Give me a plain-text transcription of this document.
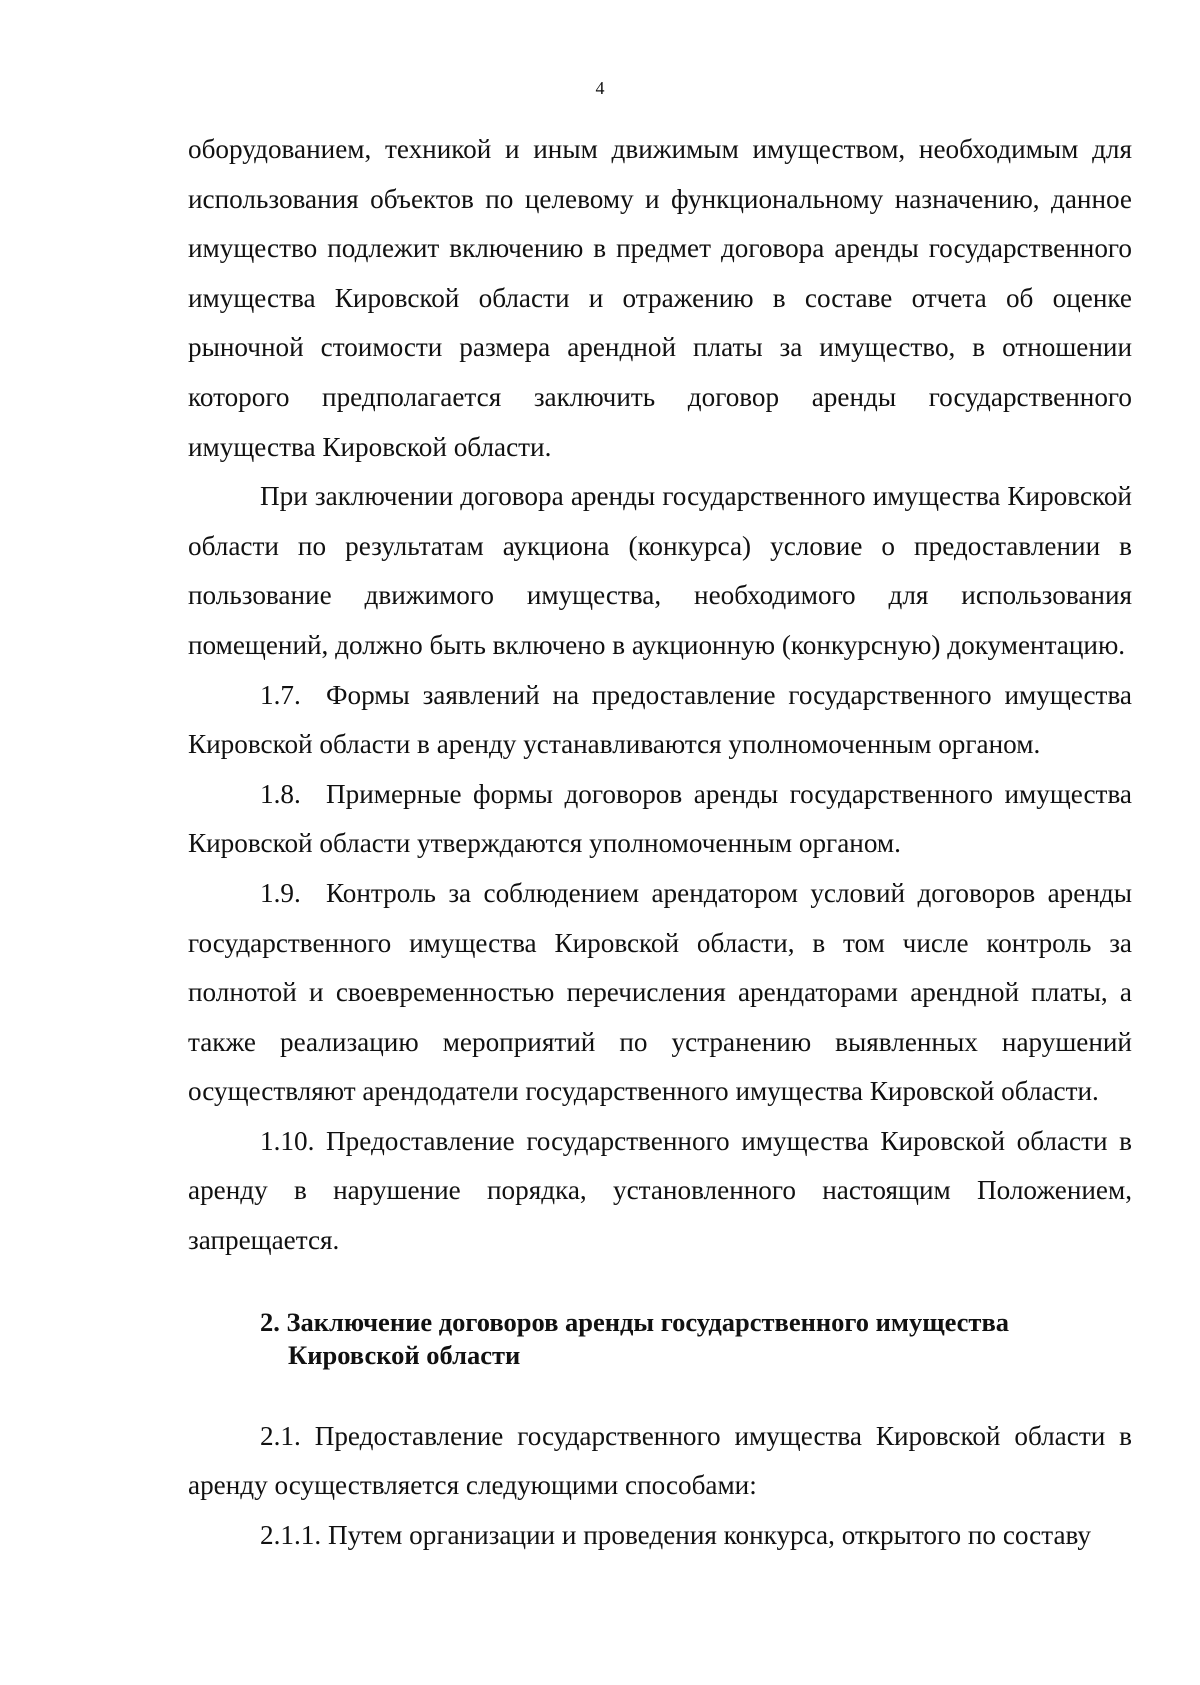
4

оборудованием, техникой и иным движимым имуществом, необходимым для использования объектов по целевому и функциональному назначению, данное имущество подлежит включению в предмет договора аренды государственного имущества Кировской области и отражению в составе отчета об оценке рыночной стоимости размера арендной платы за имущество, в отношении которого предполагается заключить договор аренды государственного имущества Кировской области.

При заключении договора аренды государственного имущества Кировской области по результатам аукциона (конкурса) условие о предоставлении в пользование движимого имущества, необходимого для использования помещений, должно быть включено в аукционную (конкурсную) документацию.

1.7. Формы заявлений на предоставление государственного имущества Кировской области в аренду устанавливаются уполномоченным органом.

1.8. Примерные формы договоров аренды государственного имущества Кировской области утверждаются уполномоченным органом.

1.9. Контроль за соблюдением арендатором условий договоров аренды государственного имущества Кировской области, в том числе контроль за полнотой и своевременностью перечисления арендаторами арендной платы, а также реализацию мероприятий по устранению выявленных нарушений осуществляют арендодатели государственного имущества Кировской области.

1.10. Предоставление государственного имущества Кировской области в аренду в нарушение порядка, установленного настоящим Положением, запрещается.

2. Заключение договоров аренды государственного имущества
Кировской области

2.1. Предоставление государственного имущества Кировской области в аренду осуществляется следующими способами:

2.1.1. Путем организации и проведения конкурса, открытого по составу
